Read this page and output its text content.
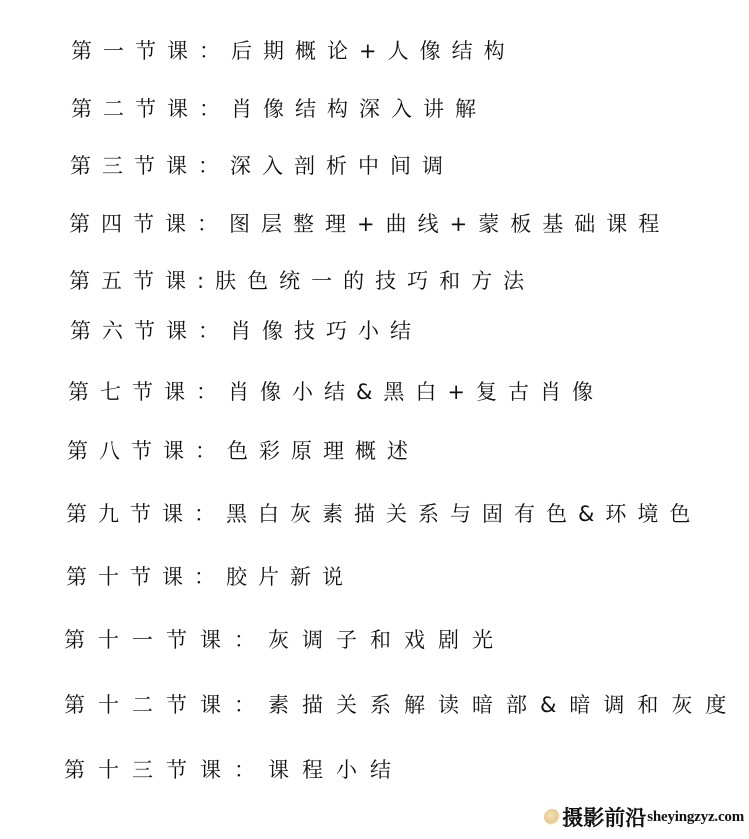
第一节课：后期概论+人像结构
第二节课：肖像结构深入讲解
第三节课：深入剖析中间调
第四节课：图层整理+曲线+蒙板基础课程
第五节课:肤色统一的技巧和方法
第六节课：肖像技巧小结
第七节课：肖像小结&黑白+复古肖像
第八节课：色彩原理概述
第九节课：黑白灰素描关系与固有色&环境色
第十节课：胶片新说
第十一节课：灰调子和戏剧光
第十二节课：素描关系解读暗部&暗调和灰度
第十三节课：课程小结
摄影前沿 sheyingzyz.com
